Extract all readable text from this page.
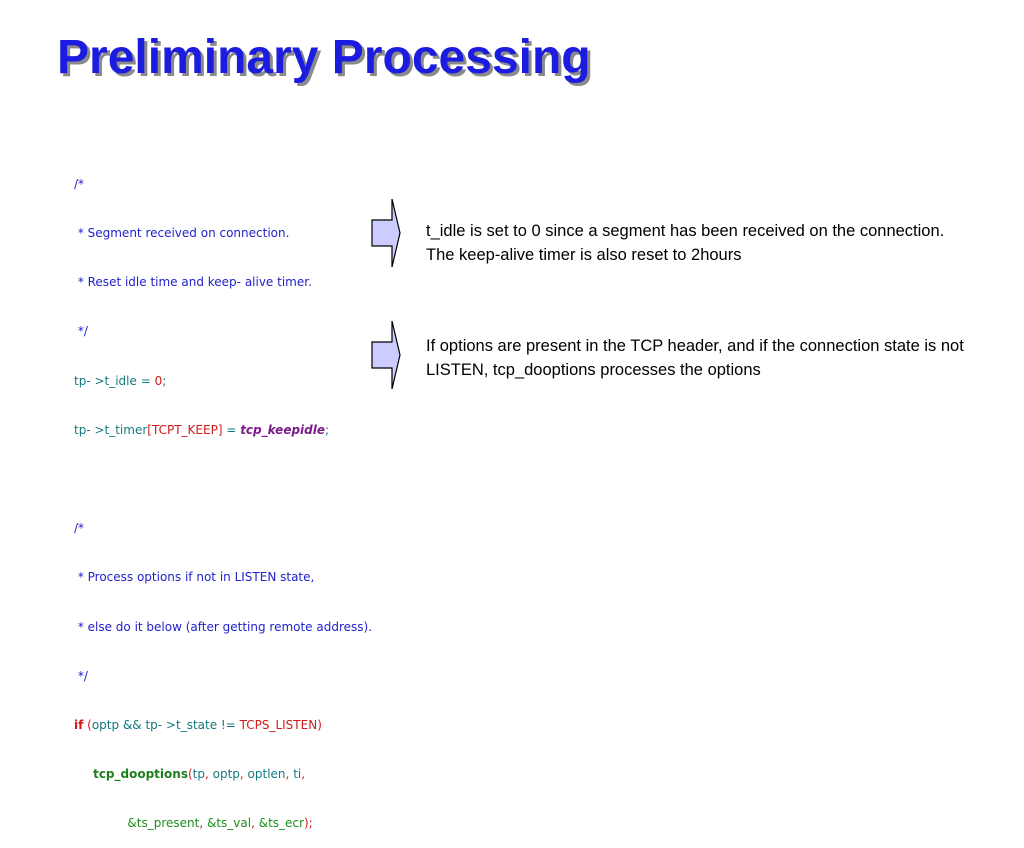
Preliminary Processing

/*

* Segment received on connection.

* Reset idle time and keep- alive timer.

*/

tp- >t_idle = 0;

tp- >t_timer[TCPT_KEEP] = tcp_keepidle;

/*

* Process options if not in LISTEN state,

* else do it below (after getting remote address).

*/

if (optp && tp- >t_state != TCPS_LISTEN)

tcp_dooptions(tp, optp, optlen, ti,

&ts_present, &ts_val, &ts_ecr);

t_idle is set to 0 since a segment has been received on the connection. The keep-alive timer is also reset to 2hours
If options are present in the TCP header, and if the connection state is not LISTEN, tcp_dooptions processes the options
